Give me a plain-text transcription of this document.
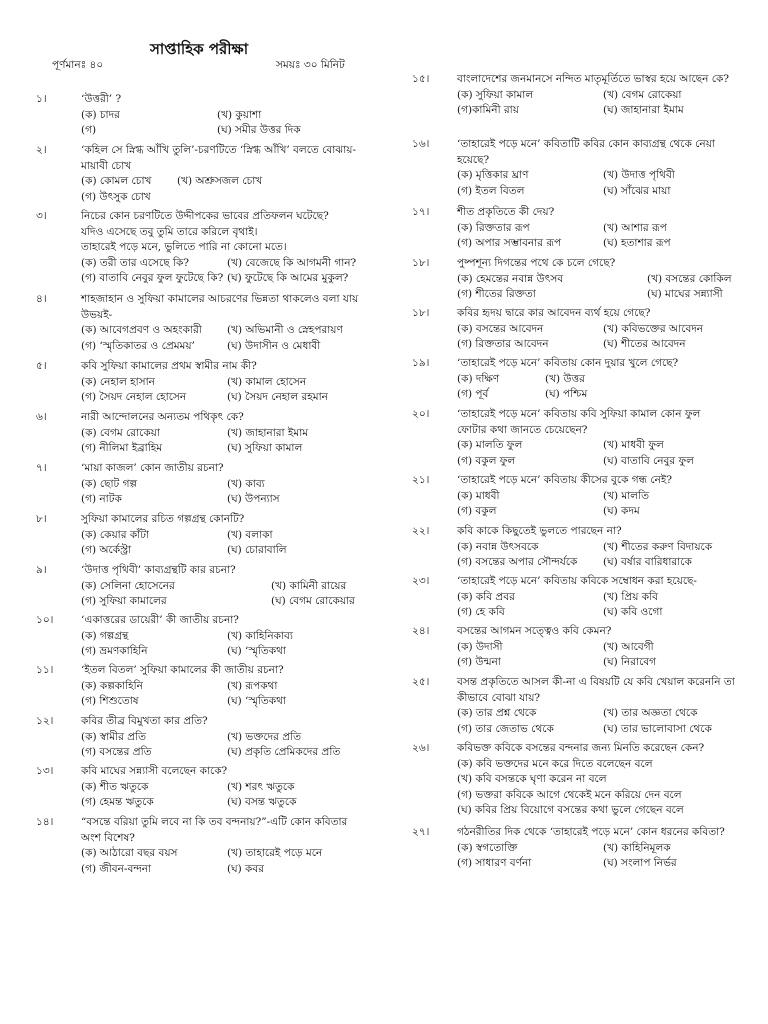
সাপ্তাহিক পরীক্ষা
পূর্ণমানঃ ৪০	সময়ঃ ৩০ মিনিট
১।	‘উত্তরী’ ?
(ক) চাদর	(খ) কুয়াশা
(গ)	(ঘ) সমীর উত্তর দিক
২।	‘কহিল সে স্নিগ্ধ আঁখি তুলি’-চরণটিতে ‘স্নিগ্ধ আঁখি’ বলতে বোঝায়-
মায়াবী চোখ
(ক) কোমল চোখ (খ) অশ্রুসজল চোখ
(গ) উৎসুক চোখ
৩।	নিচের কোন চরণটিতে উদ্দীপকের ভাবের প্রতিফলন ঘটেছে?
যদিও এসেছে তবু তুমি তারে করিলে বৃথাই।
তাহারেই পড়ে মনে, ভুলিতে পারি না কোনো মতে।
(ক) তরী তার এসেছে কি?	(খ) বেজেছে কি আগমনী গান?
(গ) বাতাবি নেবুর ফুল ফুটেছে কি? (ঘ) ফুটেছে কি আমের মুকুল?
৪।	শাহজাহান ও সুফিয়া কামালের আচরণের ভিন্নতা থাকলেও বলা যায়
উভয়ই-
(ক) আবেগপ্রবণ ও অহংকারী (খ) অভিমানী ও স্নেহপরায়ণ
(গ) ‘স্মৃতিকাতর ও প্রেমময়’	(ঘ) উদাসীন ও মেধাবী
৫।	কবি সুফিয়া কামালের প্রথম স্বামীর নাম কী?
(ক) নেহাল হাসান	(খ) কামাল হোসেন
(গ) সৈয়দ নেহাল হোসেন	(ঘ) সৈয়দ নেহাল রহমান
৬।	নারী আন্দোলনের অন্যতম পথিকৃৎ কে?
(ক) বেগম রোকেয়া	(খ) জাহানারা ইমাম
(গ) নীলিমা ইব্রাহিম	(ঘ) সুফিয়া কামাল
৭।	‘মায়া কাজল’ কোন জাতীয় রচনা?
(ক) ছোট গল্প	(খ) কাব্য
(গ) নাটক	(ঘ) উপন্যাস
৮।	সুফিয়া কামালের রচিত গল্পগ্রন্থ কোনটি?
(ক) কেয়ার কাঁটা	(খ) বলাকা
(গ) অর্কেস্ট্রা	(ঘ) চোরাবালি
৯।	‘উদাত্ত পৃথিবী’ কাব্যগ্রন্থটি কার রচনা?
(ক) সেলিনা হোসেনের	(খ) কামিনী রায়ের
(গ) সুফিয়া কামালের	(ঘ) বেগম রোকেয়ার
১০।	‘একাত্তরের ডায়েরী’ কী জাতীয় রচনা?
(ক) গল্পগ্রন্থ	(খ) কাহিনিকাব্য
(গ) ভ্রমণকাহিনি	(ঘ) ‘স্মৃতিকথা
১১।	‘ইতল বিতল’ সুফিয়া কামালের কী জাতীয় রচনা?
(ক) কল্পকাহিনি	(খ) রূপকথা
(গ) শিশুতোষ	(ঘ) ‘স্মৃতিকথা
১২।	কবির তীব্র বিমুখতা কার প্রতি?
(ক) স্বামীর প্রতি	(খ) ভক্তদের প্রতি
(গ) বসন্তের প্রতি	(ঘ) প্রকৃতি প্রেমিকদের প্রতি
১৩।	কবি মাঘের সন্ন্যাসী বলেছেন কাকে?
(ক) শীত ঋতুকে	(খ) শরৎ ঋতুকে
(গ) হেমন্ত ঋতুকে	(ঘ) বসন্ত ঋতুকে
১৪।	“বসন্তে বরিয়া তুমি লবে না কি তব বন্দনায়?”-এটি কোন কবিতার
অংশ বিশেষ?
(ক) আঠারো বছর বয়স	(খ) তাহারেই পড়ে মনে
(গ) জীবন-বন্দনা	(ঘ) কবর
১৫।	বাংলাদেশের জনমানসে নন্দিত মাতৃমূর্তিতে ভাস্বর হয়ে আছেন কে?
(ক) সুফিয়া কামাল	(খ) বেগম রোকেয়া
(গ)কামিনী রায়	(ঘ) জাহানারা ইমাম
১৬।	‘তাহারেই পড়ে মনে’ কবিতাটি কবির কোন কাব্যগ্রন্থ থেকে নেয়া
হয়েছে?
(ক) মৃত্তিকার ঘ্রাণ	(খ) উদাত্ত পৃথিবী
(গ) ইতল বিতল	(ঘ) সাঁঝের মায়া
১৭।	শীত প্রকৃতিতে কী দেয়?
(ক) রিক্ততার রূপ	(খ) আশার রূপ
(গ) অপার সম্ভাবনার রূপ	(ঘ) হতাশার রূপ
১৮।	পুষ্পশূন্য দিগন্তের পথে কে চলে গেছে?
(ক) হেমন্তের নবান্ন উৎসব	(খ) বসন্তের কোকিল
(গ) শীতের রিক্ততা	(ঘ) মাঘের সন্ন্যাসী
১৮।	কবির হৃদয় দ্বারে কার আবেদন ব্যর্থ হয়ে গেছে?
(ক) বসন্তের আবেদন	(খ) কবিভক্তের আবেদন
(গ) রিক্ততার আবেদন	(ঘ) শীতের আবেদন
১৯।	‘তাহারেই পড়ে মনে’ কবিতায় কোন দুয়ার খুলে গেছে?
(ক) দক্ষিণ	(খ) উত্তর
(গ) পূর্ব	(ঘ) পশ্চিম
২০।	‘তাহারেই পড়ে মনে’ কবিতায় কবি সুফিয়া কামাল কোন ফুল
ফোটার কথা জানতে চেয়েছেন?
(ক) মালতি ফুল	(খ) মাধবী ফুল
(গ) বকুল ফুল	(ঘ) বাতাবি নেবুর ফুল
২১।	‘তাহারেই পড়ে মনে’ কবিতায় কীসের বুকে গন্ধ নেই?
(ক) মাধবী	(খ) মালতি
(গ) বকুল	(ঘ) কদম
২২।	কবি কাকে কিছুতেই ভুলতে পারছেন না?
(ক) নবান্ন উৎসবকে	(খ) শীতের করুণ বিদায়কে
(গ) বসন্তের অপার সৌন্দর্যকে (ঘ) বর্ষার বারিধারাকে
২৩।	‘তাহারেই পড়ে মনে’ কবিতায় কবিকে সম্বোধন করা হয়েছে-
(ক) কবি প্রবর	(খ) প্রিয় কবি
(গ) হে কবি	(ঘ) কবি ওগো
২৪।	বসন্তের আগমন সত্ত্বেও কবি কেমন?
(ক) উদাসী	(খ) আবেগী
(গ) উন্মনা	(ঘ) নিরাবেগ
২৫।	বসন্ত প্রকৃতিতে আসল কী-না এ বিষয়টি যে কবি খেয়াল করেননি তা
কীভাবে বোঝা যায়?
(ক) তার প্রশ্ন থেকে	(খ) তার অজ্ঞতা থেকে
(গ) তার জেতাভ থেকে	(ঘ) তার ভালোবাসা থেকে
২৬।	কবিভক্ত কবিকে বসন্তের বন্দনার জন্য মিনতি করেছেন কেন?
(ক) কবি ভক্তদের মনে করে দিতে বলেছেন বলে
(খ) কবি বসন্তকে ঘৃণা করেন না বলে
(গ) ভক্তরা কবিকে আগে থেকেই মনে করিয়ে দেন বলে
(ঘ) কবির প্রিয় বিয়োগে বসন্তের কথা ভুলে গেছেন বলে
২৭।	গঠনরীতির দিক থেকে ‘তাহারেই পড়ে মনে’ কোন ধরনের কবিতা?
(ক) স্বগতোক্তি	(খ) কাহিনিমূলক
(গ) সাধারণ বর্ণনা	(ঘ) সংলাপ নির্ভর
